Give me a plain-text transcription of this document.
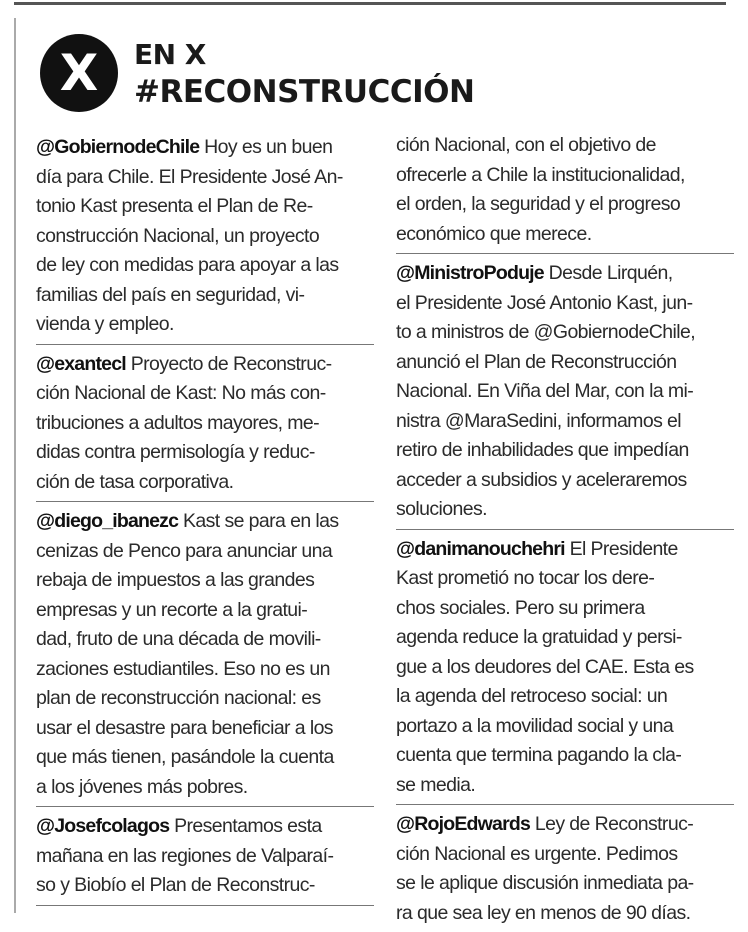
X	EN X
#RECONSTRUCCIÓN
@GobiernodeChile Hoy es un buen
día para Chile. El Presidente José An-
tonio Kast presenta el Plan de Re-
construcción Nacional, un proyecto
de ley con medidas para apoyar a las
familias del país en seguridad, vi-
vienda y empleo.
@exantecl Proyecto de Reconstruc-
ción Nacional de Kast: No más con-
tribuciones a adultos mayores, me-
didas contra permisología y reduc-
ción de tasa corporativa.
@diego_ibanezc Kast se para en las
cenizas de Penco para anunciar una
rebaja de impuestos a las grandes
empresas y un recorte a la gratui-
dad, fruto de una década de movili-
zaciones estudiantiles. Eso no es un
plan de reconstrucción nacional: es
usar el desastre para beneficiar a los
que más tienen, pasándole la cuenta
a los jóvenes más pobres.
@Josefcolagos Presentamos esta
mañana en las regiones de Valparaí-
so y Biobío el Plan de Reconstruc-
ción Nacional, con el objetivo de
ofrecerle a Chile la institucionalidad,
el orden, la seguridad y el progreso
económico que merece.
@MinistroPoduje Desde Lirquén,
el Presidente José Antonio Kast, jun-
to a ministros de @GobiernodeChile,
anunció el Plan de Reconstrucción
Nacional. En Viña del Mar, con la mi-
nistra @MaraSedini, informamos el
retiro de inhabilidades que impedían
acceder a subsidios y aceleraremos
soluciones.
@danimanouchehri El Presidente
Kast prometió no tocar los dere-
chos sociales. Pero su primera
agenda reduce la gratuidad y persi-
gue a los deudores del CAE. Esta es
la agenda del retroceso social: un
portazo a la movilidad social y una
cuenta que termina pagando la cla-
se media.
@RojoEdwards Ley de Reconstruc-
ción Nacional es urgente. Pedimos
se le aplique discusión inmediata pa-
ra que sea ley en menos de 90 días.
